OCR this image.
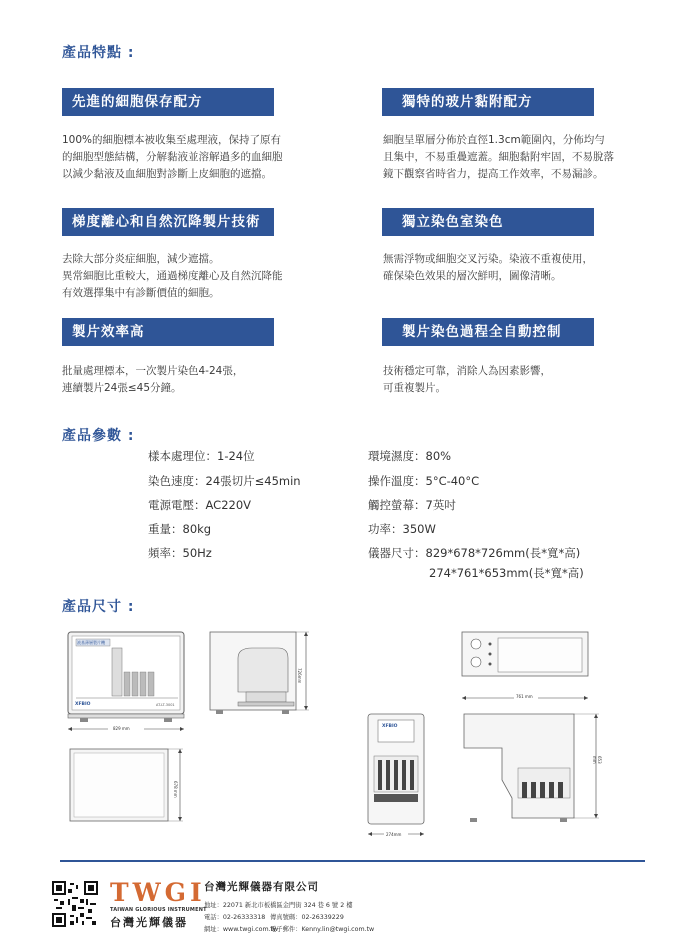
產品特點 :
先進的細胞保存配方
100%的細胞標本被收集至處理液，保持了原有
的細胞型態結構，分解黏液並溶解過多的血細胞
以減少黏液及血細胞對診斷上皮細胞的遮擋。
獨特的玻片黏附配方
細胞呈單層分佈於直徑1.3cm範圍內，分佈均勻
且集中，不易重疊遮蓋。細胞黏附牢固，不易脫落
鏡下觀察省時省力，提高工作效率，不易漏診。
梯度離心和自然沉降製片技術
去除大部分炎症細胞，減少遮擋。
異常細胞比重較大，通過梯度離心及自然沉降能
有效選擇集中有診斷價值的細胞。
獨立染色室染色
無需浮物或細胞交叉污染。染液不重複使用，
確保染色效果的層次鮮明，圖像清晰。
製片效率高
批量處理標本，一次製片染色4-24張，
連續製片24張≤45分鐘。
製片染色過程全自動控制
技術穩定可靠，消除人為因素影響，
可重複製片。
產品參數 :
樣本處理位：1-24位
染色速度：24張切片≤45min
電源電壓：AC220V
重量：80kg
頻率：50Hz
環境濕度：80%
操作溫度：5°C-40°C
觸控螢幕：7英吋
功率：350W
儀器尺寸：829*678*726mm(長*寬*高)
274*761*653mm(長*寬*高)
產品尺寸 :
液基薄層製片機
XFBIO	AT-LT-3001
829 mm
726mm
678 mm
761 mm
XFBIO
274mm
653 mm
TWGI
TAIWAN GLORIOUS INSTRUMENT
台灣光輝儀器
台灣光輝儀器有限公司
地址：22071 新北市板橋區金門街 324 巷 6 號 2 樓
電話：02-26333318 傳真號碼：02-26339229
網址：www.twgi.com.tw
電子郵件：Kenny.lin@twgi.com.tw
